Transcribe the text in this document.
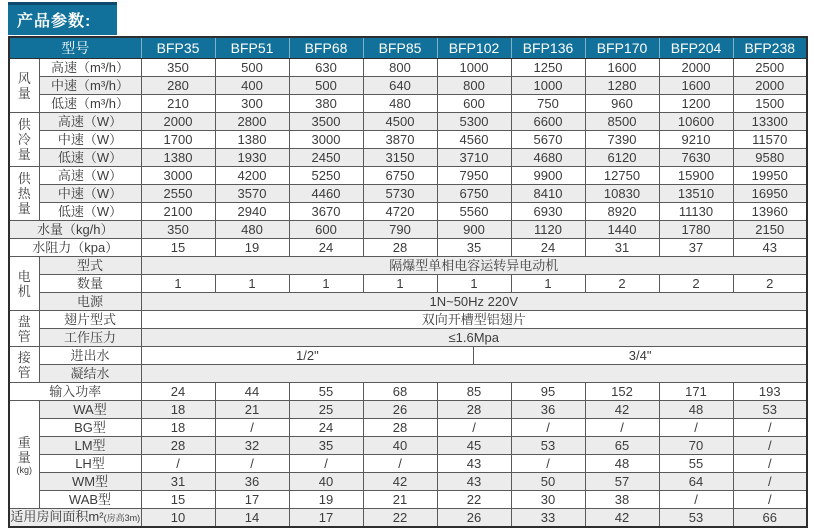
产品参数:
型号		BFP35	BFP51	BFP68	BFP85	BFP102	BFP136	BFP170	BFP204	BFP238
风
量	高速（m³/h）	350	500	630	800	1000	1250	1600	2000	2500
	中速（m³/h）	280	400	500	640	800	1000	1280	1600	2000
	低速（m³/h）	210	300	380	480	600	750	960	1200	1500
供
冷
量	高速（W）	2000	2800	3500	4500	5300	6600	8500	10600	13300
	中速（W）	1700	1380	3000	3870	4560	5670	7390	9210	11570
	低速（W）	1380	1930	2450	3150	3710	4680	6120	7630	9580
供
热
量	高速（W）	3000	4200	5250	6750	7950	9900	12750	15900	19950
	中速（W）	2550	3570	4460	5730	6750	8410	10830	13510	16950
	低速（W）	2100	2940	3670	4720	5560	6930	8920	11130	13960
水量（kg/h）		350	480	600	790	900	1120	1440	1780	2150
水阻力（kpa）		15	19	24	28	35	24	31	37	43
电
机	型式	隔爆型单相电容运转异电动机								
	数量	1	1	1	1	1	1	2	2	2
	电源	1N~50Hz 220V								
盘
管	翅片型式	双向开槽型铝翅片								
	工作压力	≤1.6Mpa								
接
管	进出水	1/2"	3/4"

	凝结水									
输入功率		24	44	55	68	85	95	152	171	193
重
量
(kg)	WA型	18	21	25	26	28	36	42	48	53
	BG型	18	/	24	28	/	/	/	/	/
	LM型	28	32	35	40	45	53	65	70	/
	LH型	/	/	/	/	43	/	48	55	/
	WM型	31	36	40	42	43	50	57	64	/
	WAB型	15	17	19	21	22	30	38	/	/
适用房间面积m²(房高3m)		10	14	17	22	26	33	42	53	66
